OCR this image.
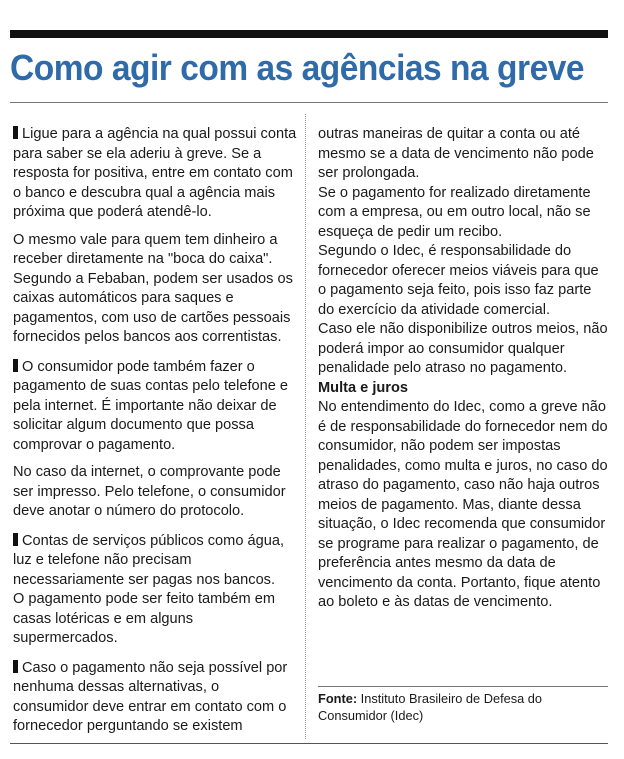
Como agir com as agências na greve

Ligue para a agência na qual possui conta para saber se ela aderiu à greve. Se a resposta for positiva, entre em contato com o banco e descubra qual a agência mais próxima que poderá atendê-lo.

O mesmo vale para quem tem dinheiro a receber diretamente na "boca do caixa". Segundo a Febaban, podem ser usados os caixas automáticos para saques e pagamentos, com uso de cartões pessoais fornecidos pelos bancos aos correntistas.

O consumidor pode também fazer o pagamento de suas contas pelo telefone e pela internet. É importante não deixar de solicitar algum documento que possa comprovar o pagamento.

No caso da internet, o comprovante pode ser impresso. Pelo telefone, o consumidor deve anotar o número do protocolo.

Contas de serviços públicos como água, luz e telefone não precisam necessariamente ser pagas nos bancos.

O pagamento pode ser feito também em casas lotéricas e em alguns supermercados.

Caso o pagamento não seja possível por nenhuma dessas alternativas, o consumidor deve entrar em contato com o fornecedor perguntando se existem

outras maneiras de quitar a conta ou até mesmo se a data de vencimento não pode ser prolongada.

Se o pagamento for realizado diretamente com a empresa, ou em outro local, não se esqueça de pedir um recibo.

Segundo o Idec, é responsabilidade do fornecedor oferecer meios viáveis para que o pagamento seja feito, pois isso faz parte do exercício da atividade comercial.

Caso ele não disponibilize outros meios, não poderá impor ao consumidor qualquer penalidade pelo atraso no pagamento.

Multa e juros

No entendimento do Idec, como a greve não é de responsabilidade do fornecedor nem do consumidor, não podem ser impostas penalidades, como multa e juros, no caso do atraso do pagamento, caso não haja outros meios de pagamento. Mas, diante dessa situação, o Idec recomenda que consumidor se programe para realizar o pagamento, de preferência antes mesmo da data de vencimento da conta. Portanto, fique atento ao boleto e às datas de vencimento.

Fonte: Instituto Brasileiro de Defesa do Consumidor (Idec)
